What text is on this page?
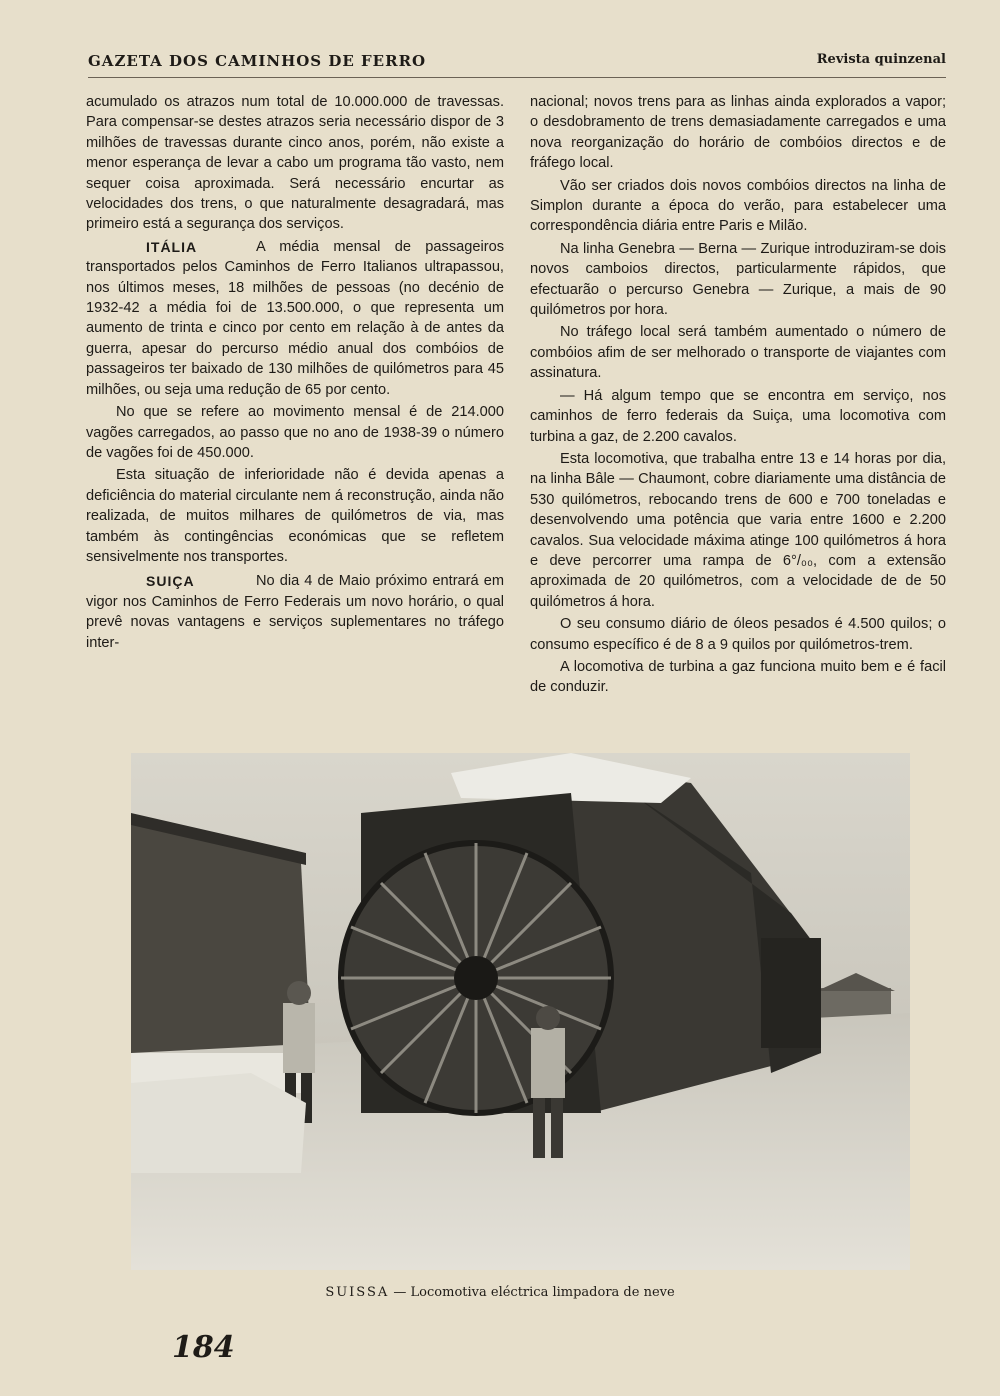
GAZETA DOS CAMINHOS DE FERRO	Revista quinzenal

acumulado os atrazos num total de 10.000.000 de travessas. Para compensar-se destes atrazos seria necessário dispor de 3 milhões de travessas durante cinco anos, porém, não existe a menor esperança de levar a cabo um programa tão vasto, nem sequer coisa aproximada. Será necessário encurtar as velocidades dos trens, o que naturalmente desagradará, mas primeiro está a segurança dos serviços.

ITÁLIA	A média mensal de passageiros transportados pelos Caminhos de Ferro Italianos ultrapassou, nos últimos meses, 18 milhões de pessoas (no decénio de 1932-42 a média foi de 13.500.000, o que representa um aumento de trinta e cinco por cento em relação à de antes da guerra, apesar do percurso médio anual dos combóios de passageiros ter baixado de 130 milhões de quilómetros para 45 milhões, ou seja uma redução de 65 por cento.

No que se refere ao movimento mensal é de 214.000 vagões carregados, ao passo que no ano de 1938-39 o número de vagões foi de 450.000.

Esta situação de inferioridade não é devida apenas a deficiência do material circulante nem á reconstrução, ainda não realizada, de muitos milhares de quilómetros de via, mas também às contingências económicas que se refletem sensivelmente nos transportes.

SUIÇA	No dia 4 de Maio próximo entrará em vigor nos Caminhos de Ferro Federais um novo horário, o qual prevê novas vantagens e serviços suplementares no tráfego inter-

nacional; novos trens para as linhas ainda explorados a vapor; o desdobramento de trens demasiadamente carregados e uma nova reorganização do horário de combóios directos e de fráfego local.

Vão ser criados dois novos combóios directos na linha de Simplon durante a época do verão, para estabelecer uma correspondência diária entre Paris e Milão.

Na linha Genebra — Berna — Zurique introduziram-se dois novos camboios directos, particularmente rápidos, que efectuarão o percurso Genebra — Zurique, a mais de 90 quilómetros por hora.

No tráfego local será também aumentado o número de combóios afim de ser melhorado o transporte de viajantes com assinatura.

— Há algum tempo que se encontra em serviço, nos caminhos de ferro federais da Suiça, uma locomotiva com turbina a gaz, de 2.200 cavalos.

Esta locomotiva, que trabalha entre 13 e 14 horas por dia, na linha Bâle — Chaumont, cobre diariamente uma distância de 530 quilómetros, rebocando trens de 600 e 700 toneladas e desenvolvendo uma potência que varia entre 1600 e 2.200 cavalos. Sua velocidade máxima atinge 100 quilómetros á hora e deve percorrer uma rampa de 6°/₀₀, com a extensão aproximada de 20 quilómetros, com a velocidade de de 50 quilómetros á hora.

O seu consumo diário de óleos pesados é 4.500 quilos; o consumo específico é de 8 a 9 quilos por quilómetros-trem.

A locomotiva de turbina a gaz funciona muito bem e é facil de conduzir.

SUISSA — Locomotiva eléctrica limpadora de neve
184
